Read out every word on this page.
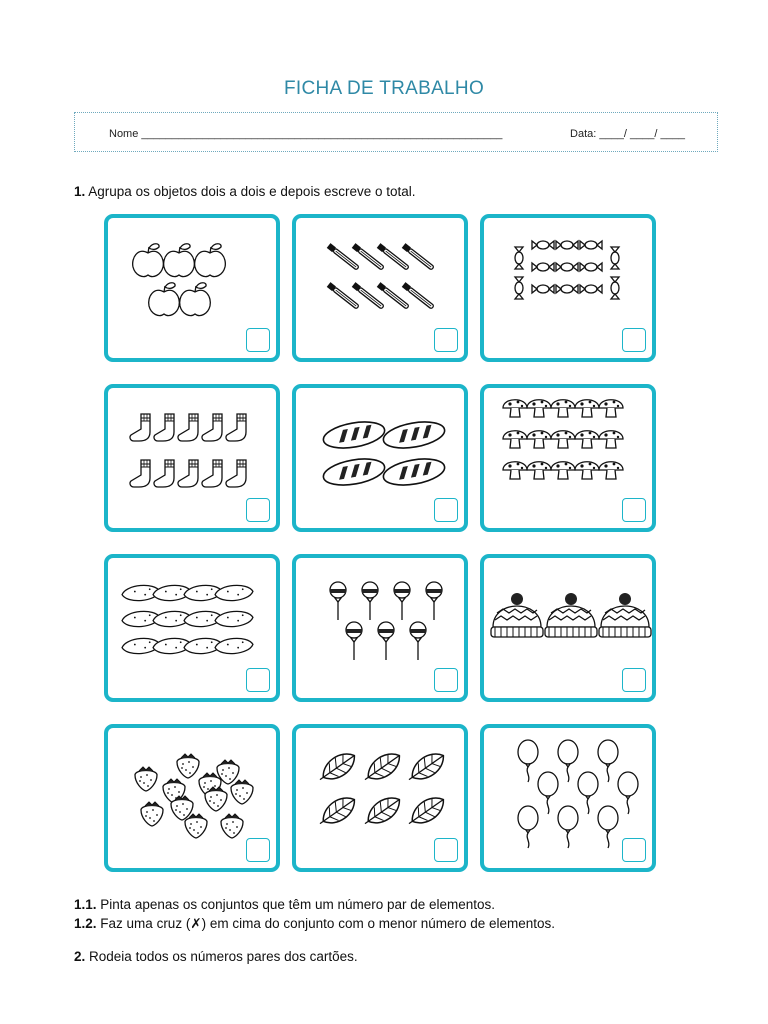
FICHA DE TRABALHO
Nome ___________________________________________________________	Data: ____/ ____/ ____
1. Agrupa os objetos dois a dois e depois escreve o total.
1.1. Pinta apenas os conjuntos que têm um número par de elementos.
1.2. Faz uma cruz (✗) em cima do conjunto com o menor número de elementos.
2. Rodeia todos os números pares dos cartões.
